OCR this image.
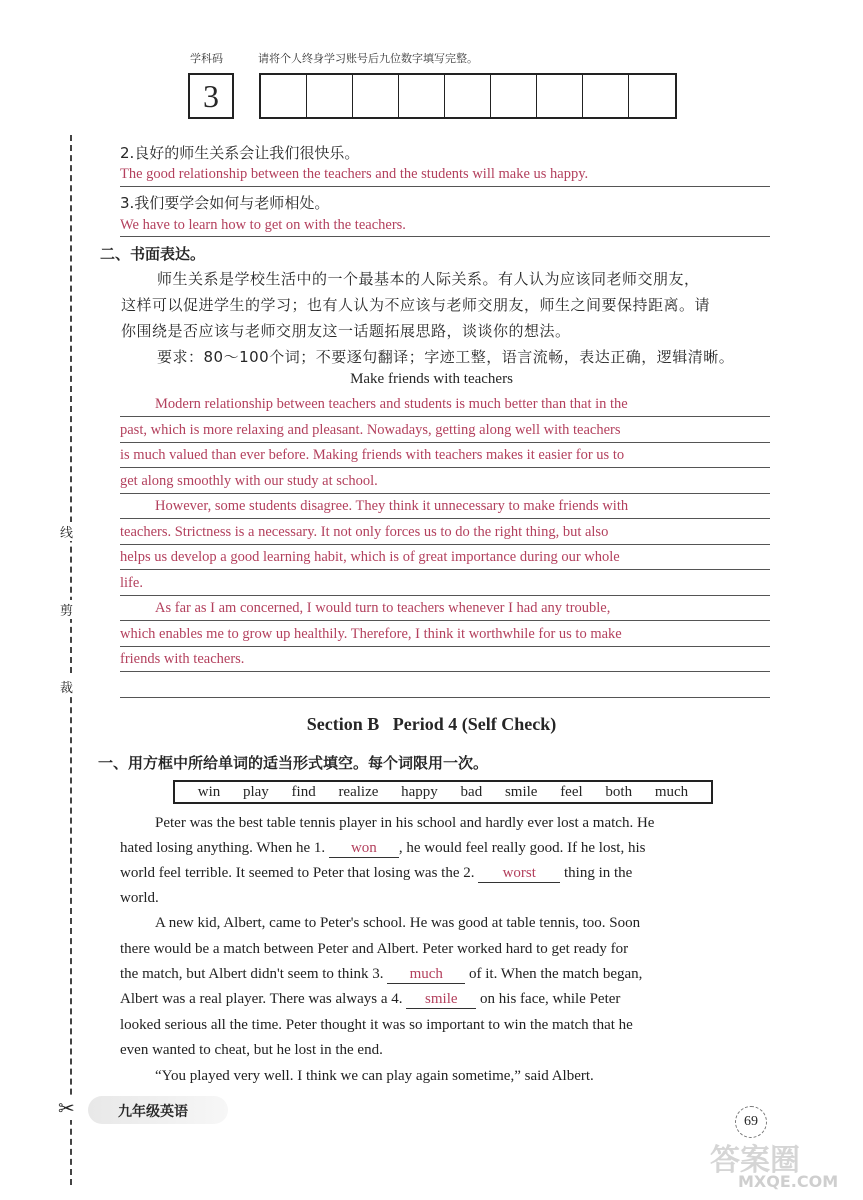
学科码	请将个人终身学习账号后九位数字填写完整。
3
线
剪
裁
✂
2.良好的师生关系会让我们很快乐。
The good relationship between the teachers and the students will make us happy.
3.我们要学会如何与老师相处。
We have to learn how to get on with the teachers.
二、书面表达。
师生关系是学校生活中的一个最基本的人际关系。有人认为应该同老师交朋友，
这样可以促进学生的学习；也有人认为不应该与老师交朋友，师生之间要保持距离。请
你围绕是否应该与老师交朋友这一话题拓展思路，谈谈你的想法。
要求：80～100个词；不要逐句翻译；字迹工整，语言流畅，表达正确，逻辑清晰。
Make friends with teachers
Modern relationship between teachers and students is much better than that in the
past, which is more relaxing and pleasant. Nowadays, getting along well with teachers
is much valued than ever before. Making friends with teachers makes it easier for us to
get along smoothly with our study at school.
However, some students disagree. They think it unnecessary to make friends with
teachers. Strictness is a necessary. It not only forces us to do the right thing, but also
helps us develop a good learning habit, which is of great importance during our whole
life.
As far as I am concerned, I would turn to teachers whenever I had any trouble,
which enables me to grow up healthily. Therefore, I think it worthwhile for us to make
friends with teachers.
Section B   Period 4 (Self Check)
一、用方框中所给单词的适当形式填空。每个词限用一次。
win play find realize happy bad smile feel both much
Peter was the best table tennis player in his school and hardly ever lost a match. He
hated losing anything. When he 1. won , he would feel really good. If he lost, his
world feel terrible. It seemed to Peter that losing was the 2. worst thing in the
world.
A new kid, Albert, came to Peter's school. He was good at table tennis, too. Soon
there would be a match between Peter and Albert. Peter worked hard to get ready for
the match, but Albert didn't seem to think 3. much of it. When the match began,
Albert was a real player. There was always a 4. smile on his face, while Peter
looked serious all the time. Peter thought it was so important to win the match that he
even wanted to cheat, but he lost in the end.
“You played very well. I think we can play again sometime,” said Albert.
九年级英语
69
答案圈
MXQE.COM
